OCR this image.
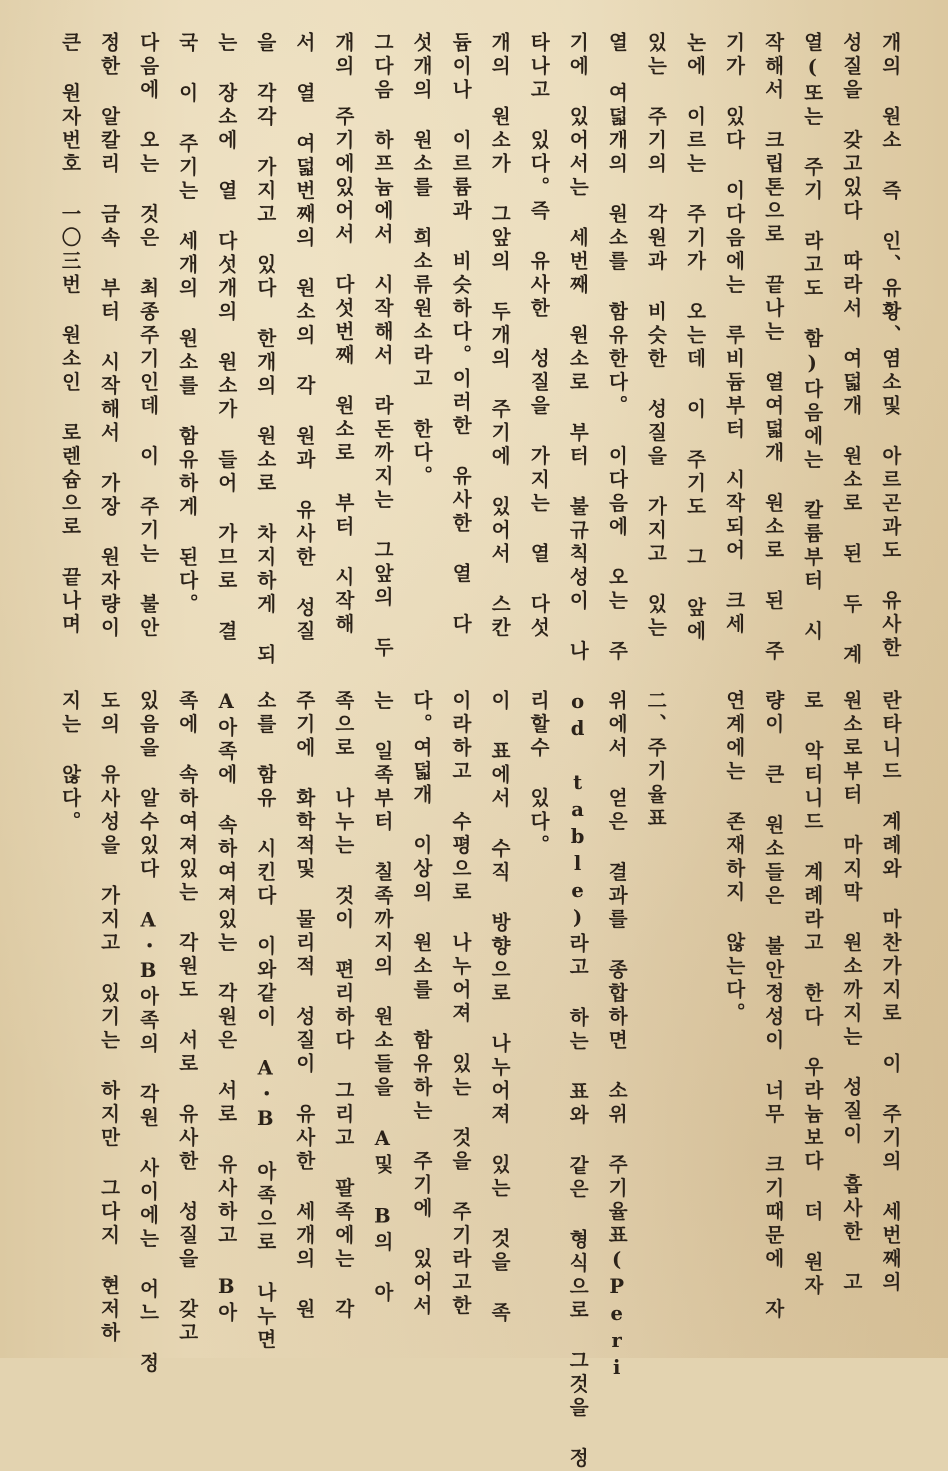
개의 원소 즉 인、유황、염소및 아르곤과도 유사한
성질을 갖고있다 따라서 여덟개 원소로 된 두 계
열(또는 주기 라고도 함)다음에는 칼륨부터 시
작해서 크립톤으로 끝나는 열여덟개 원소로 된 주
기가 있다 이다음에는 루비듐부터 시작되어 크세
논에 이르는 주기가 오는데 이 주기도 그 앞에
있는 주기의 각원과 비슷한 성질을 가지고 있는
열 여덟개의 원소를 함유한다。 이다음에 오는 주
기에 있어서는 세번째 원소로 부터 불규칙성이 나
타나고 있다。즉 유사한 성질을 가지는 열 다섯
개의 원소가 그앞의 두개의 주기에 있어서 스칸
듐이나 이르륨과 비슷하다。이러한 유사한 열 다
섯개의 원소를 희소류원소라고 한다。
그다음 하프늄에서 시작해서 라돈까지는 그앞의 두
개의 주기에있어서 다섯번째 원소로 부터 시작해
서 열 여덟번째의 원소의 각 원과 유사한 성질
을 각각 가지고 있다 한개의 원소로 차지하게 되
는 장소에 열 다섯개의 원소가 들어 가므로 결
국 이 주기는 세개의 원소를 함유하게 된다。
다음에 오는 것은 최종주기인데 이 주기는 불안
정한 알칼리 금속 부터 시작해서 가장 원자량이
큰 원자번호 一〇三번 원소인 로렌슘으로 끝나며
란타니드 계례와 마찬가지로 이 주기의 세번째의
원소로부터 마지막 원소까지는 성질이 흡사한 고
로 악티니드 계례라고 한다 우라늄보다 더 원자
량이 큰 원소들은 불안정성이 너무 크기때문에 자
연계에는 존재하지 않는다。
二、주기율표
위에서 얻은 결과를 종합하면 소위 주기율표(Peri
od table)라고 하는 표와 같은 형식으로 그것을 정
리할수 있다。
이 표에서 수직 방향으로 나누어져 있는 것을 족
이라하고 수평으로 나누어져 있는 것을 주기라고한
다。여덟개 이상의 원소를 함유하는 주기에 있어서
는 일족부터 칠족까지의 원소들을 A및 B의 아
족으로 나누는 것이 편리하다 그리고 팔족에는 각
주기에 화학적및 물리적 성질이 유사한 세개의 원
소를 함유 시킨다 이와같이 A・B 아족으로 나누면
A아족에 속하여져있는 각원은 서로 유사하고 B아
족에 속하여져있는 각원도 서로 유사한 성질을 갖고
있음을 알수있다 A・B아족의 각원 사이에는 어느 정
도의 유사성을 가지고 있기는 하지만 그다지 현저하
지는 않다。
